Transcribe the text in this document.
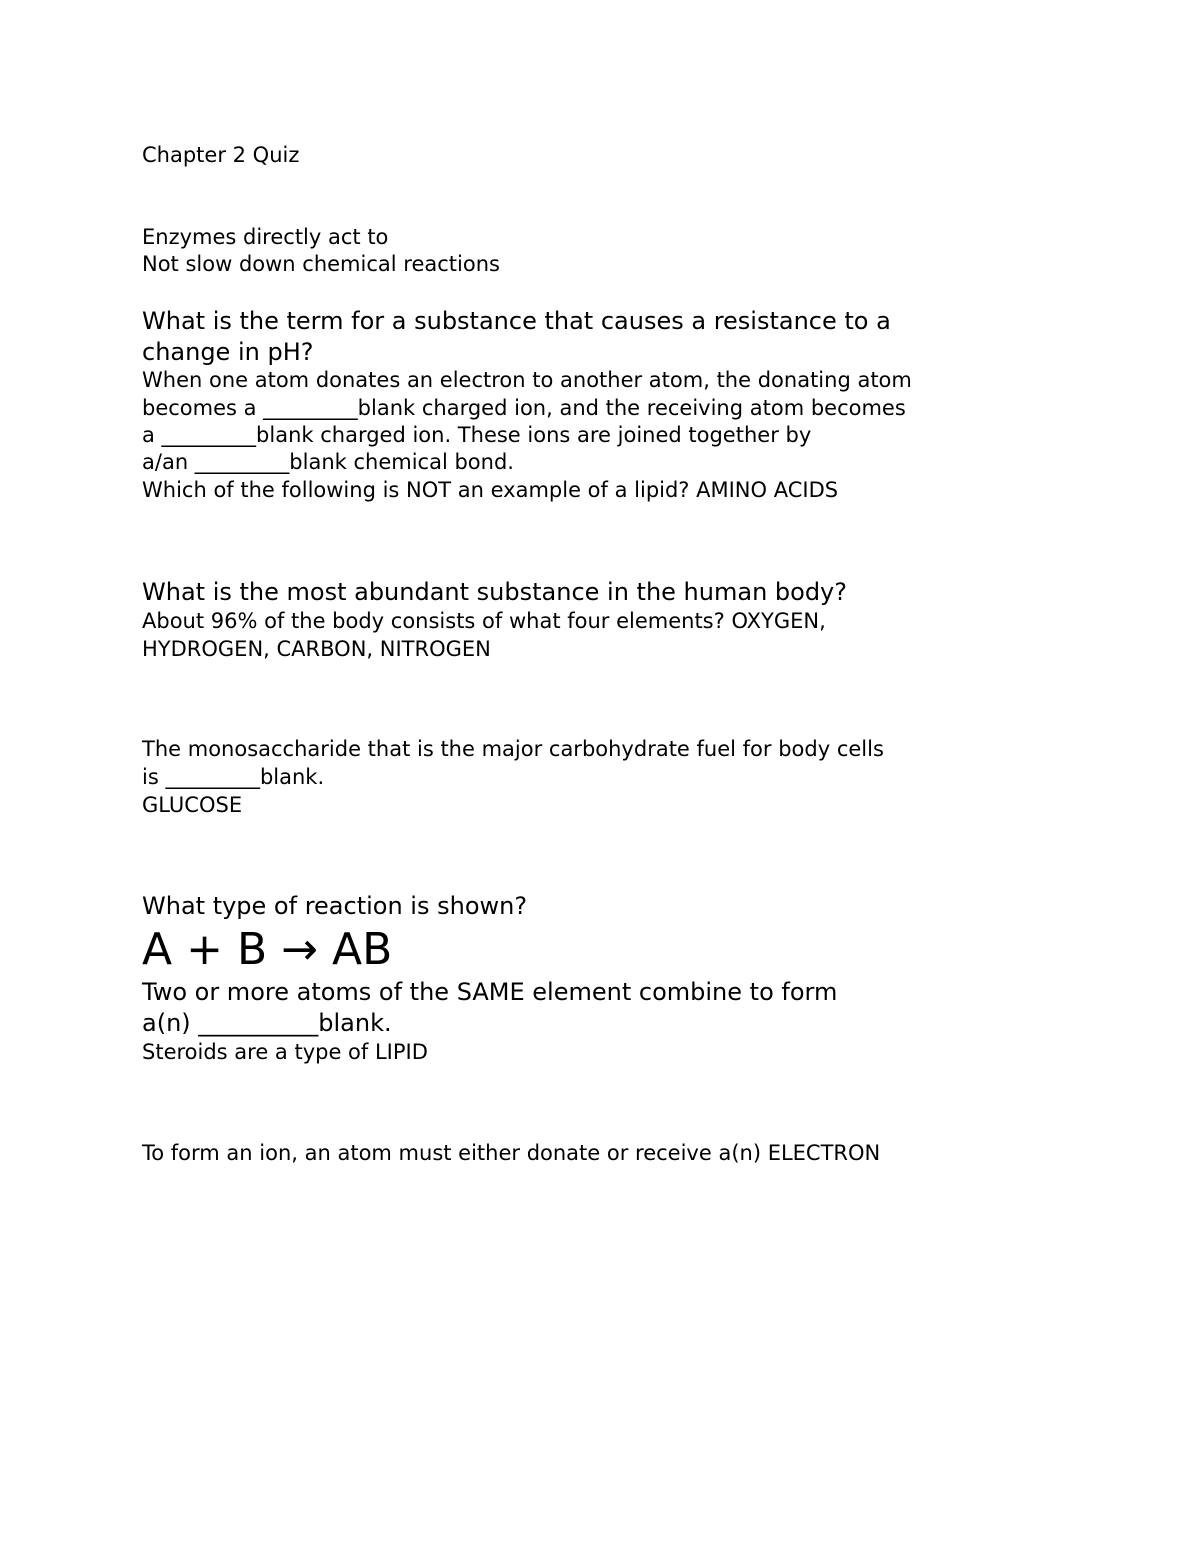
Chapter 2 Quiz

Enzymes directly act to

Not slow down chemical reactions

What is the term for a substance that causes a resistance to a

change in pH?

When one atom donates an electron to another atom, the donating atom

becomes a _________blank charged ion, and the receiving atom becomes

a _________blank charged ion. These ions are joined together by

a/an _________blank chemical bond.

Which of the following is NOT an example of a lipid? AMINO ACIDS

What is the most abundant substance in the human body?

About 96% of the body consists of what four elements? OXYGEN,

HYDROGEN, CARBON, NITROGEN

The monosaccharide that is the major carbohydrate fuel for body cells

is _________blank.

GLUCOSE

What type of reaction is shown?

A + B → AB

Two or more atoms of the SAME element combine to form

a(n) __________blank.

Steroids are a type of LIPID

To form an ion, an atom must either donate or receive a(n) ELECTRON
